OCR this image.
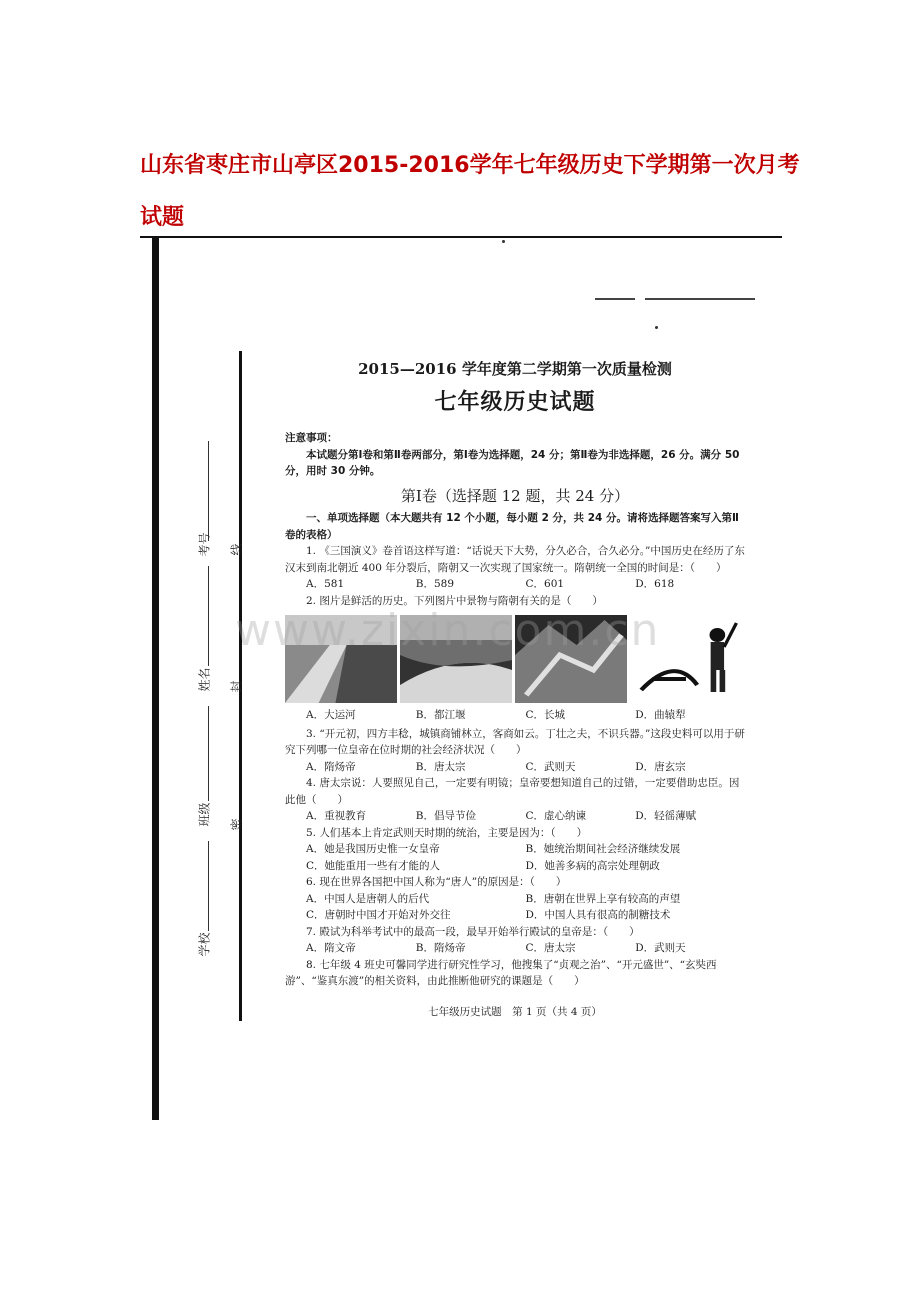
山东省枣庄市山亭区2015-2016学年七年级历史下学期第一次月考试题
考号	线
姓名	封
班级	密
学校
2015—2016 学年度第二学期第一次质量检测
七年级历史试题
注意事项：
本试题分第Ⅰ卷和第Ⅱ卷两部分，第Ⅰ卷为选择题，24 分；第Ⅱ卷为非选择题，26 分。满分 50 分，用时 30 分钟。
第Ⅰ卷（选择题 12 题，共 24 分）
一、单项选择题（本大题共有 12 个小题，每小题 2 分，共 24 分。请将选择题答案写入第Ⅱ卷的表格）
1. 《三国演义》卷首语这样写道：“话说天下大势，分久必合，合久必分。”中国历史在经历了东汉末到南北朝近 400 年分裂后，隋朝又一次实现了国家统一。隋朝统一全国的时间是：（　　）
A．581	B．589	C．601	D．618
2. 图片是鲜活的历史。下列图片中景物与隋朝有关的是（　　）
A．大运河	B．都江堰	C．长城	D．曲辕犁
3. “开元初，四方丰稔，城镇商铺林立，客商如云。丁壮之夫，不识兵器。”这段史料可以用于研究下列哪一位皇帝在位时期的社会经济状况（　　）
A．隋炀帝	B．唐太宗	C．武则天	D．唐玄宗
4. 唐太宗说：人要照见自己，一定要有明镜；皇帝要想知道自己的过错，一定要借助忠臣。因此他（　　）
A．重视教育	B．倡导节俭	C．虚心纳谏	D．轻徭薄赋
5. 人们基本上肯定武则天时期的统治，主要是因为：（　　）
A．她是我国历史惟一女皇帝	B．她统治期间社会经济继续发展
C．她能重用一些有才能的人	D．她善多病的高宗处理朝政
6. 现在世界各国把中国人称为“唐人”的原因是：（　　）
A．中国人是唐朝人的后代	B．唐朝在世界上享有较高的声望
C．唐朝时中国才开始对外交往	D．中国人具有很高的制糖技术
7. 殿试为科举考试中的最高一段，最早开始举行殿试的皇帝是：（　　）
A．隋文帝	B．隋炀帝	C．唐太宗	D．武则天
8. 七年级 4 班史可馨同学进行研究性学习，他搜集了“贞观之治”、“开元盛世”、“玄奘西游”、“鉴真东渡”的相关资料，由此推断他研究的课题是（　　）
七年级历史试题　第 1 页（共 4 页）
www.zixin.com.cn
